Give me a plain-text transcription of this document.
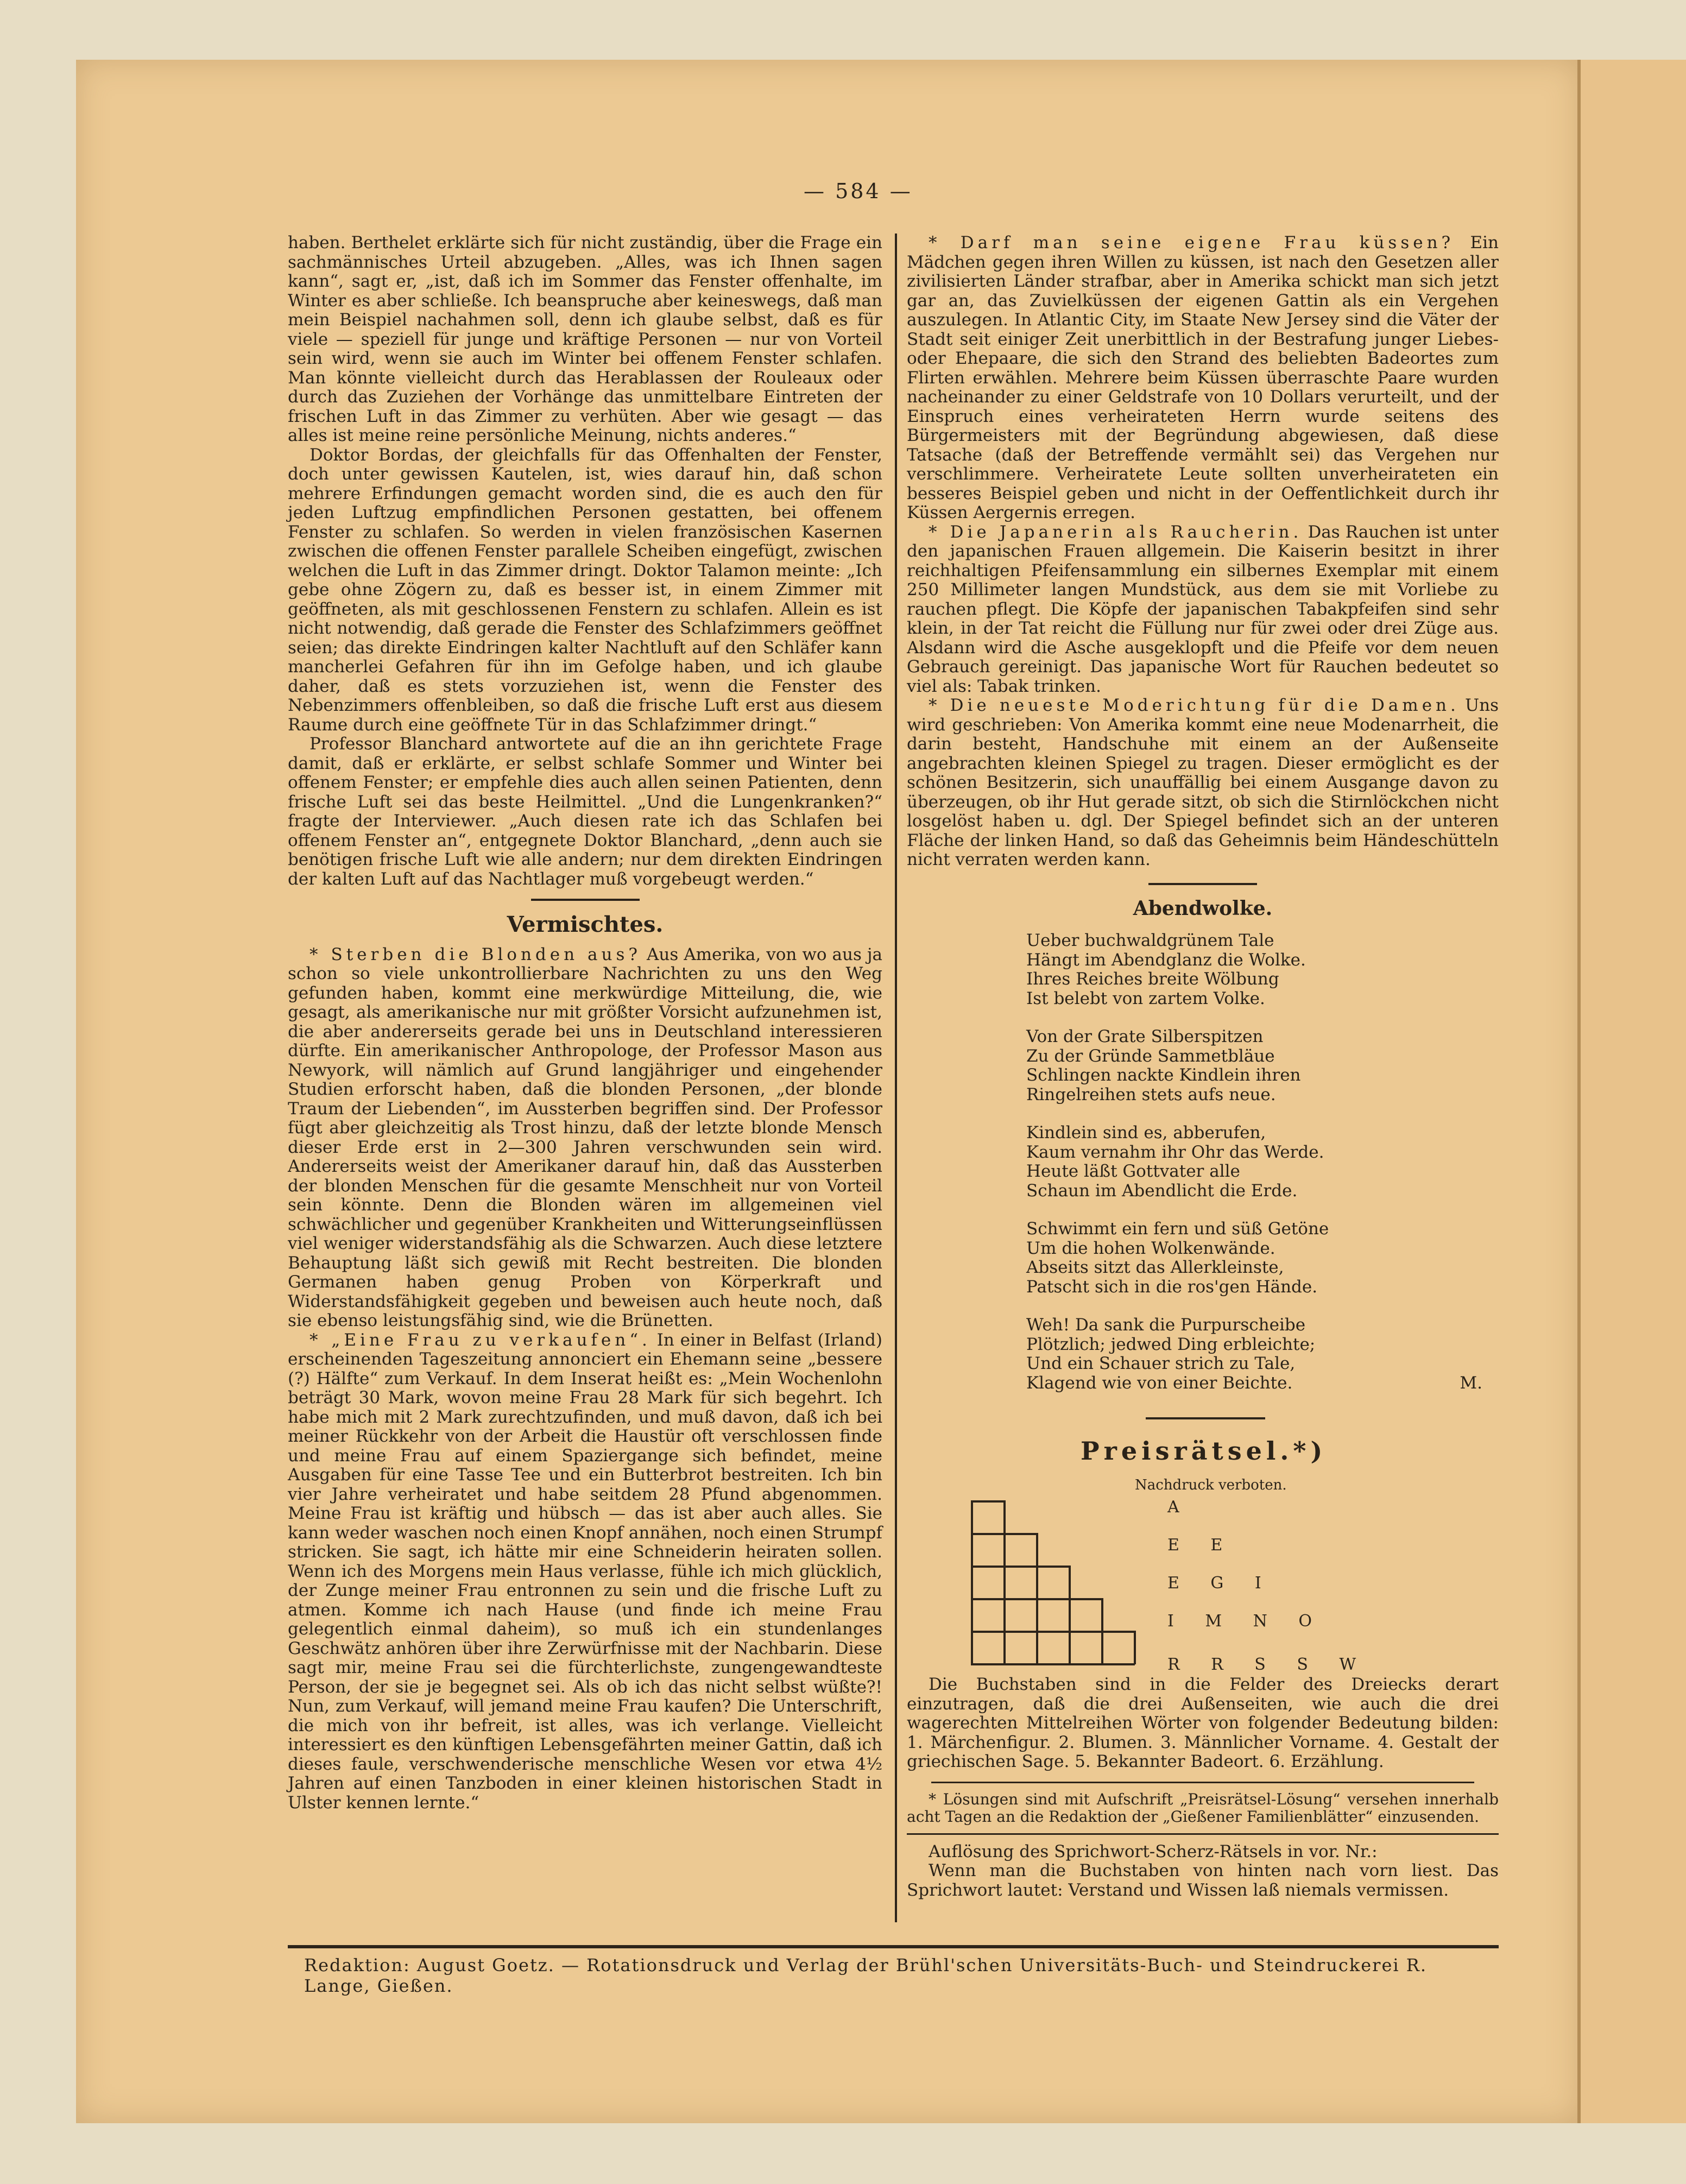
— 584 —

haben. Berthelet erklärte sich für nicht zuständig, über die Frage ein sachmännisches Urteil abzugeben. „Alles, was ich Ihnen sagen kann“, sagt er, „ist, daß ich im Sommer das Fenster offenhalte, im Winter es aber schließe. Ich beanspruche aber keineswegs, daß man mein Beispiel nachahmen soll, denn ich glaube selbst, daß es für viele — speziell für junge und kräftige Personen — nur von Vorteil sein wird, wenn sie auch im Winter bei offenem Fenster schlafen. Man könnte vielleicht durch das Herablassen der Rouleaux oder durch das Zuziehen der Vorhänge das unmittelbare Eintreten der frischen Luft in das Zimmer zu verhüten. Aber wie gesagt — das alles ist meine reine persönliche Meinung, nichts anderes.“

Doktor Bordas, der gleichfalls für das Offenhalten der Fenster, doch unter gewissen Kautelen, ist, wies darauf hin, daß schon mehrere Erfindungen gemacht worden sind, die es auch den für jeden Luftzug empfindlichen Personen gestatten, bei offenem Fenster zu schlafen. So werden in vielen französischen Kasernen zwischen die offenen Fenster parallele Scheiben eingefügt, zwischen welchen die Luft in das Zimmer dringt. Doktor Talamon meinte: „Ich gebe ohne Zögern zu, daß es besser ist, in einem Zimmer mit geöffneten, als mit geschlossenen Fenstern zu schlafen. Allein es ist nicht notwendig, daß gerade die Fenster des Schlafzimmers geöffnet seien; das direkte Eindringen kalter Nachtluft auf den Schläfer kann mancherlei Gefahren für ihn im Gefolge haben, und ich glaube daher, daß es stets vorzuziehen ist, wenn die Fenster des Nebenzimmers offenbleiben, so daß die frische Luft erst aus diesem Raume durch eine geöffnete Tür in das Schlafzimmer dringt.“

Professor Blanchard antwortete auf die an ihn gerichtete Frage damit, daß er erklärte, er selbst schlafe Sommer und Winter bei offenem Fenster; er empfehle dies auch allen seinen Patienten, denn frische Luft sei das beste Heilmittel. „Und die Lungenkranken?“ fragte der Interviewer. „Auch diesen rate ich das Schlafen bei offenem Fenster an“, entgegnete Doktor Blanchard, „denn auch sie benötigen frische Luft wie alle andern; nur dem direkten Eindringen der kalten Luft auf das Nachtlager muß vorgebeugt werden.“

Vermischtes.

* Sterben die Blonden aus? Aus Amerika, von wo aus ja schon so viele unkontrollierbare Nachrichten zu uns den Weg gefunden haben, kommt eine merkwürdige Mitteilung, die, wie gesagt, als amerikanische nur mit größter Vorsicht aufzunehmen ist, die aber andererseits gerade bei uns in Deutschland interessieren dürfte. Ein amerikanischer Anthropologe, der Professor Mason aus Newyork, will nämlich auf Grund langjähriger und eingehender Studien erforscht haben, daß die blonden Personen, „der blonde Traum der Liebenden“, im Aussterben begriffen sind. Der Professor fügt aber gleichzeitig als Trost hinzu, daß der letzte blonde Mensch dieser Erde erst in 2—300 Jahren verschwunden sein wird. Andererseits weist der Amerikaner darauf hin, daß das Aussterben der blonden Menschen für die gesamte Menschheit nur von Vorteil sein könnte. Denn die Blonden wären im allgemeinen viel schwächlicher und gegenüber Krankheiten und Witterungseinflüssen viel weniger widerstandsfähig als die Schwarzen. Auch diese letztere Behauptung läßt sich gewiß mit Recht bestreiten. Die blonden Germanen haben genug Proben von Körperkraft und Widerstandsfähigkeit gegeben und beweisen auch heute noch, daß sie ebenso leistungsfähig sind, wie die Brünetten.

* „Eine Frau zu verkaufen“. In einer in Belfast (Irland) erscheinenden Tageszeitung annonciert ein Ehemann seine „bessere (?) Hälfte“ zum Verkauf. In dem Inserat heißt es: „Mein Wochenlohn beträgt 30 Mark, wovon meine Frau 28 Mark für sich begehrt. Ich habe mich mit 2 Mark zurechtzufinden, und muß davon, daß ich bei meiner Rückkehr von der Arbeit die Haustür oft verschlossen finde und meine Frau auf einem Spaziergange sich befindet, meine Ausgaben für eine Tasse Tee und ein Butterbrot bestreiten. Ich bin vier Jahre verheiratet und habe seitdem 28 Pfund abgenommen. Meine Frau ist kräftig und hübsch — das ist aber auch alles. Sie kann weder waschen noch einen Knopf annähen, noch einen Strumpf stricken. Sie sagt, ich hätte mir eine Schneiderin heiraten sollen. Wenn ich des Morgens mein Haus verlasse, fühle ich mich glücklich, der Zunge meiner Frau entronnen zu sein und die frische Luft zu atmen. Komme ich nach Hause (und finde ich meine Frau gelegentlich einmal daheim), so muß ich ein stundenlanges Geschwätz anhören über ihre Zerwürfnisse mit der Nachbarin. Diese sagt mir, meine Frau sei die fürchterlichste, zungengewandteste Person, der sie je begegnet sei. Als ob ich das nicht selbst wüßte?! Nun, zum Verkauf, will jemand meine Frau kaufen? Die Unterschrift, die mich von ihr befreit, ist alles, was ich verlange. Vielleicht interessiert es den künftigen Lebensgefährten meiner Gattin, daß ich dieses faule, verschwenderische menschliche Wesen vor etwa 4½ Jahren auf einen Tanzboden in einer kleinen historischen Stadt in Ulster kennen lernte.“

* Darf man seine eigene Frau küssen? Ein Mädchen gegen ihren Willen zu küssen, ist nach den Gesetzen aller zivilisierten Länder strafbar, aber in Amerika schickt man sich jetzt gar an, das Zuvielküssen der eigenen Gattin als ein Vergehen auszulegen. In Atlantic City, im Staate New Jersey sind die Väter der Stadt seit einiger Zeit unerbittlich in der Bestrafung junger Liebes- oder Ehepaare, die sich den Strand des beliebten Badeortes zum Flirten erwählen. Mehrere beim Küssen überraschte Paare wurden nacheinander zu einer Geldstrafe von 10 Dollars verurteilt, und der Einspruch eines verheirateten Herrn wurde seitens des Bürgermeisters mit der Begründung abgewiesen, daß diese Tatsache (daß der Betreffende vermählt sei) das Vergehen nur verschlimmere. Verheiratete Leute sollten unverheirateten ein besseres Beispiel geben und nicht in der Oeffentlichkeit durch ihr Küssen Aergernis erregen.

* Die Japanerin als Raucherin. Das Rauchen ist unter den japanischen Frauen allgemein. Die Kaiserin besitzt in ihrer reichhaltigen Pfeifensammlung ein silbernes Exemplar mit einem 250 Millimeter langen Mundstück, aus dem sie mit Vorliebe zu rauchen pflegt. Die Köpfe der japanischen Tabakpfeifen sind sehr klein, in der Tat reicht die Füllung nur für zwei oder drei Züge aus. Alsdann wird die Asche ausgeklopft und die Pfeife vor dem neuen Gebrauch gereinigt. Das japanische Wort für Rauchen bedeutet so viel als: Tabak trinken.

* Die neueste Moderichtung für die Damen. Uns wird geschrieben: Von Amerika kommt eine neue Modenarrheit, die darin besteht, Handschuhe mit einem an der Außenseite angebrachten kleinen Spiegel zu tragen. Dieser ermöglicht es der schönen Besitzerin, sich unauffällig bei einem Ausgange davon zu überzeugen, ob ihr Hut gerade sitzt, ob sich die Stirnlöckchen nicht losgelöst haben u. dgl. Der Spiegel befindet sich an der unteren Fläche der linken Hand, so daß das Geheimnis beim Händeschütteln nicht verraten werden kann.

Abendwolke.
Ueber buchwaldgrünem Tale
Hängt im Abendglanz die Wolke.
Ihres Reiches breite Wölbung
Ist belebt von zartem Volke.
Von der Grate Silberspitzen
Zu der Gründe Sammetbläue
Schlingen nackte Kindlein ihren
Ringelreihen stets aufs neue.
Kindlein sind es, abberufen,
Kaum vernahm ihr Ohr das Werde.
Heute läßt Gottvater alle
Schaun im Abendlicht die Erde.
Schwimmt ein fern und süß Getöne
Um die hohen Wolkenwände.
Abseits sitzt das Allerkleinste,
Patscht sich in die ros'gen Hände.
Weh! Da sank die Purpurscheibe
Plötzlich; jedwed Ding erbleichte;
Und ein Schauer strich zu Tale,
Klagend wie von einer Beichte.	M.
Preisrätsel.*)
Nachdruck verboten.
A
E E
E G I
I M N O
R R S S W

Die Buchstaben sind in die Felder des Dreiecks derart einzutragen, daß die drei Außenseiten, wie auch die drei wagerechten Mittelreihen Wörter von folgender Bedeutung bilden: 1. Märchenfigur. 2. Blumen. 3. Männlicher Vorname. 4. Gestalt der griechischen Sage. 5. Bekannter Badeort. 6. Erzählung.

* Lösungen sind mit Aufschrift „Preisrätsel-Lösung“ versehen innerhalb acht Tagen an die Redaktion der „Gießener Familienblätter“ einzusenden.

Auflösung des Sprichwort-Scherz-Rätsels in vor. Nr.:

Wenn man die Buchstaben von hinten nach vorn liest. Das Sprichwort lautet: Verstand und Wissen laß niemals vermissen.

Redaktion: August Goetz. — Rotationsdruck und Verlag der Brühl'schen Universitäts-Buch- und Steindruckerei R. Lange, Gießen.
